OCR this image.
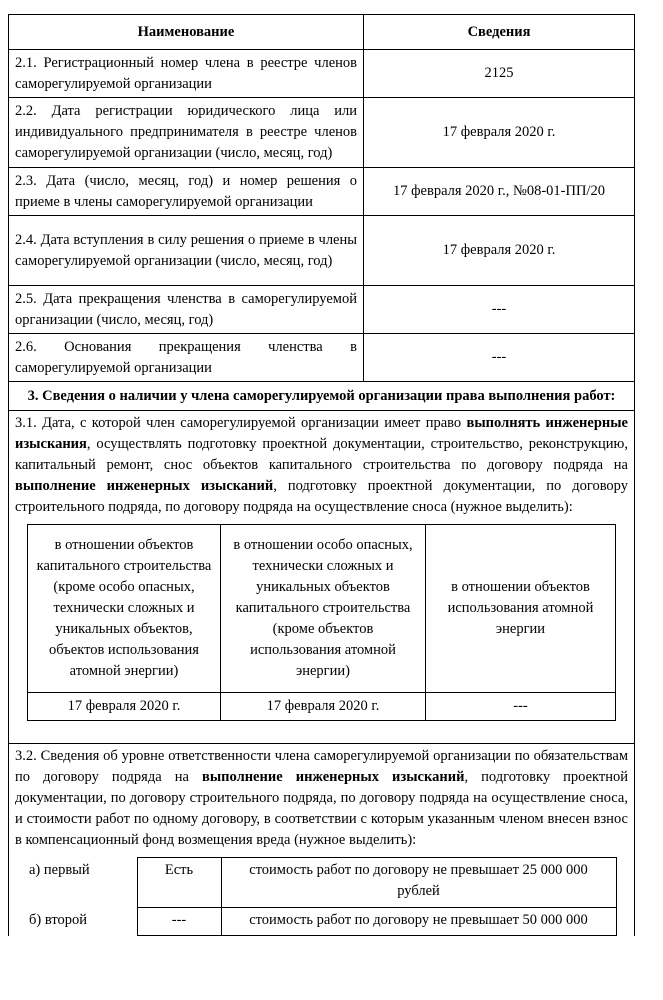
Наименование	Сведения
2.1. Регистрационный номер члена в реестре членов саморегулируемой организации	2125
2.2. Дата регистрации юридического лица или индивидуального предпринимателя в реестре членов саморегулируемой организации (число, месяц, год)	17 февраля 2020 г.
2.3. Дата (число, месяц, год) и номер решения о приеме в члены саморегулируемой организации	17 февраля 2020 г., №08-01-ПП/20
2.4. Дата вступления в силу решения о приеме в члены саморегулируемой организации (число, месяц, год)	17 февраля 2020 г.
2.5. Дата прекращения членства в саморегулируемой организации (число, месяц, год)	---
2.6. Основания прекращения членства в саморегулируемой организации	---
3. Сведения о наличии у члена саморегулируемой организации права выполнения работ:

3.1. Дата, с которой член саморегулируемой организации имеет право выполнять инженерные изыскания, осуществлять подготовку проектной документации, строительство, реконструкцию, капитальный ремонт, снос объектов капитального строительства по договору подряда на выполнение инженерных изысканий, подготовку проектной документации, по договору строительного подряда, по договору подряда на осуществление сноса (нужное выделить):
в отношении объектов капитального строительства (кроме особо опасных, технически сложных и уникальных объектов, объектов использования атомной энергии)	в отношении особо опасных, технически сложных и уникальных объектов капитального строительства (кроме объектов использования атомной энергии)	в отношении объектов использования атомной энергии
17 февраля 2020 г.	17 февраля 2020 г.	---

3.2. Сведения об уровне ответственности члена саморегулируемой организации по обязательствам по договору подряда на выполнение инженерных изысканий, подготовку проектной документации, по договору строительного подряда, по договору подряда на осуществление сноса, и стоимости работ по одному договору, в соответствии с которым указанным членом внесен взнос в компенсационный фонд возмещения вреда (нужное выделить):
а) первый	Есть	стоимость работ по договору не превышает 25 000 000 рублей	
б) второй	---	стоимость работ по договору не превышает 50 000 000	
